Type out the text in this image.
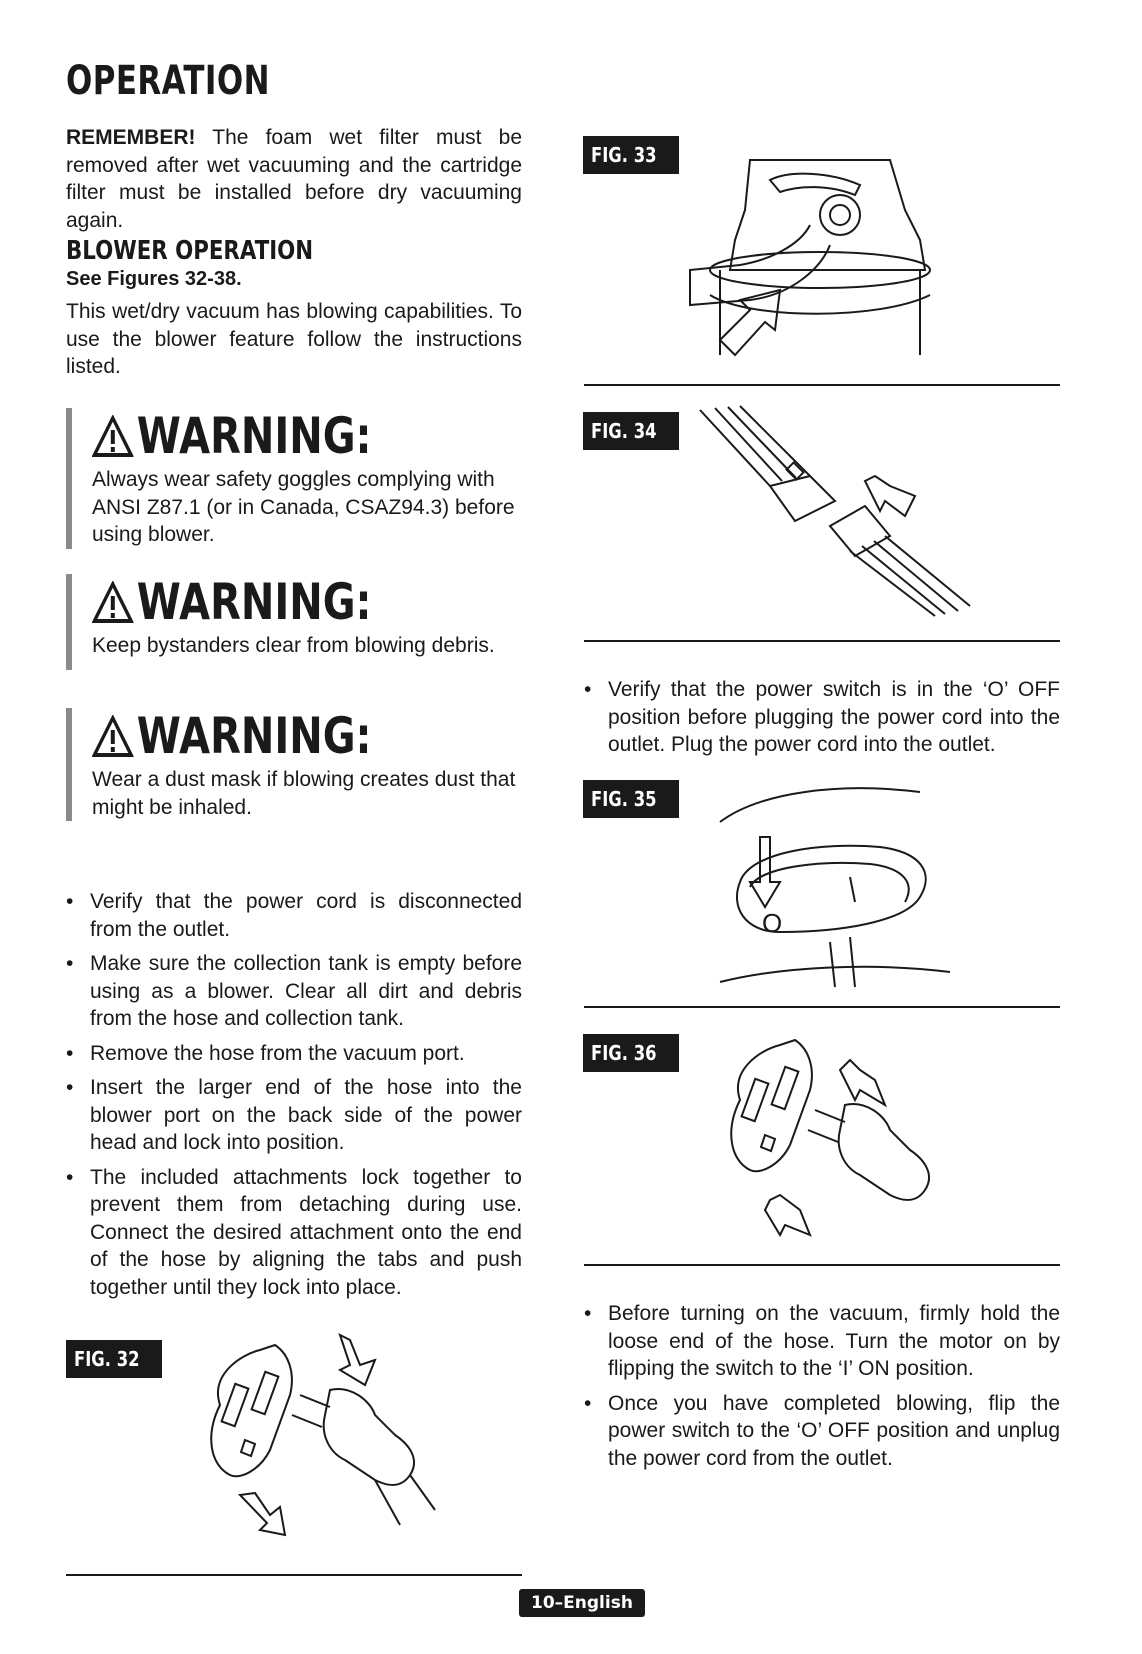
OPERATION
REMEMBER! The foam wet filter must be removed after wet vacuuming and the cartridge filter must be installed before dry vacuuming again.
BLOWER OPERATION
See Figures 32-38.
This wet/dry vacuum has blowing capabilities. To use the blower feature follow the instructions listed.
WARNING:
Always wear safety goggles complying with ANSI Z87.1 (or in Canada, CSAZ94.3) before using blower.
WARNING:
Keep bystanders clear from blowing debris.
WARNING:
Wear a dust mask if blowing creates dust that might be inhaled.
• Verify that the power cord is disconnected from the outlet.
• Make sure the collection tank is empty before using as a blower. Clear all dirt and debris from the hose and collection tank.
• Remove the hose from the vacuum port.
• Insert the larger end of the hose into the blower port on the back side of the power head and lock into position.
• The included attachments lock together to prevent them from detaching during use. Connect the desired attachment onto the end of the hose by aligning the tabs and push together until they lock into place.
FIG. 32
FIG. 33
FIG. 34
• Verify that the power switch is in the ‘O’ OFF position before plugging the power cord into the outlet. Plug the power cord into the outlet.
FIG. 35
O
FIG. 36
• Before turning on the vacuum, firmly hold the loose end of the hose. Turn the motor on by flipping the switch to the ‘I’ ON position.
• Once you have completed blowing, flip the power switch to the ‘O’ OFF position and unplug the power cord from the outlet.
10–English
